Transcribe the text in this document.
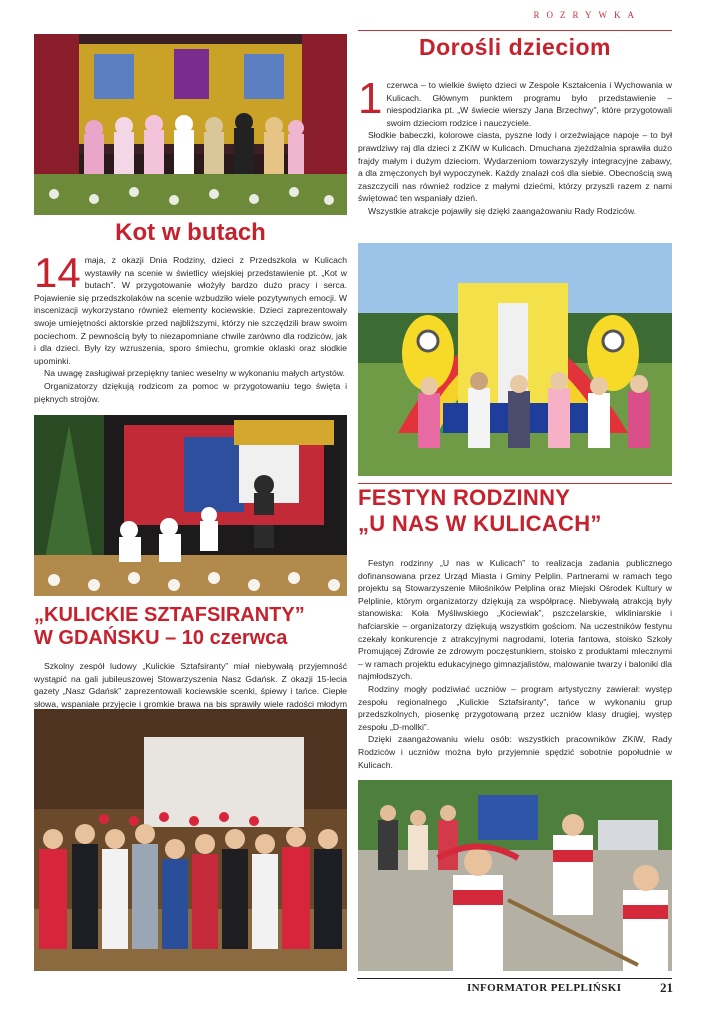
ROZRYWKA
Dorośli dzieciom
1 czerwca – to wielkie święto dzieci w Zespole Kształcenia i Wychowania w Kulicach. Głównym punktem programu było przedstawienie – niespodzianka pt. „W świecie wierszy Jana Brzechwy”, które przygotowali swoim dzieciom rodzice i nauczyciele.

Słodkie babeczki, kolorowe ciasta, pyszne lody i orzeźwiające napoje – to był prawdziwy raj dla dzieci z ZKiW w Kulicach. Dmuchana zjeżdżalnia sprawiła dużo frajdy małym i dużym dzieciom. Wydarzeniom towarzyszyły integracyjne zabawy, a dla zmęczonych był wypoczynek. Każdy znalazł coś dla siebie. Obecnością swą zaszczycili nas również rodzice z małymi dziećmi, którzy przyszli razem z nami świętować ten wspaniały dzień.

Wszystkie atrakcje pojawiły się dzięki zaangażowaniu Rady Rodziców.

Kot w butach
14 maja, z okazji Dnia Rodziny, dzieci z Przedszkola w Kulicach wystawiły na scenie w świetlicy wiejskiej przedstawienie pt. „Kot w butach”. W przygotowanie włożyły bardzo dużo pracy i serca. Pojawienie się przedszkolaków na scenie wzbudziło wiele pozytywnych emocji. W inscenizacji wykorzystano również elementy kociewskie. Dzieci zaprezentowały swoje umiejętności aktorskie przed najbliższymi, którzy nie szczędzili braw swoim pociechom. Z pewnością były to niezapomniane chwile zarówno dla rodziców, jak i dla dzieci. Były łzy wzruszenia, sporo śmiechu, gromkie oklaski oraz słodkie upominki.

Na uwagę zasługiwał przepiękny taniec weselny w wykonaniu małych artystów.

Organizatorzy dziękują rodzicom za pomoc w przygotowaniu tego święta i pięknych strojów.

„KULICKIE SZTAFSIRANTY”
W GDAŃSKU – 10 czerwca

Szkolny zespół ludowy „Kulickie Sztafsiranty” miał niebywałą przyjemność wystąpić na gali jubileuszowej Stowarzyszenia Nasz Gdańsk. Z okazji 15-lecia gazety „Nasz Gdańsk” zaprezentowali kociewskie scenki, śpiewy i tańce. Ciepłe słowa, wspaniałe przyjęcie i gromkie brawa na bis sprawiły wiele radości młodym

FESTYN RODZINNY
„U NAS W KULICACH”

Festyn rodzinny „U nas w Kulicach” to realizacja zadania publicznego dofinansowana przez Urząd Miasta i Gminy Pelplin. Partnerami w ramach tego projektu są Stowarzyszenie Miłośników Pelplina oraz Miejski Ośrodek Kultury w Pelplinie, którym organizatorzy dziękują za współpracę. Niebywałą atrakcją były stanowiska: Koła Myśliwskiego „Kociewiak”, pszczelarskie, wikliniarskie i hafciarskie – organizatorzy dziękują wszystkim gościom. Na uczestników festynu czekały konkurencje z atrakcyjnymi nagrodami, loteria fantowa, stoisko Szkoły Promującej Zdrowie ze zdrowym poczęstunkiem, stoisko z produktami mlecznymi – w ramach projektu edukacyjnego gimnazjalistów, malowanie twarzy i baloniki dla najmłodszych.

Rodziny mogły podziwiać uczniów – program artystyczny zawierał: występ zespołu regionalnego „Kulickie Sztafsiranty”, tańce w wykonaniu grup przedszkolnych, piosenkę przygotowaną przez uczniów klasy drugiej, występ zespołu „D-mollki”.

Dzięki zaangażowaniu wielu osób: wszystkich pracowników ZKiW, Rady Rodziców i uczniów można było przyjemnie spędzić sobotnie popołudnie w Kulicach.

INFORMATOR PELPLIŃSKI	21
